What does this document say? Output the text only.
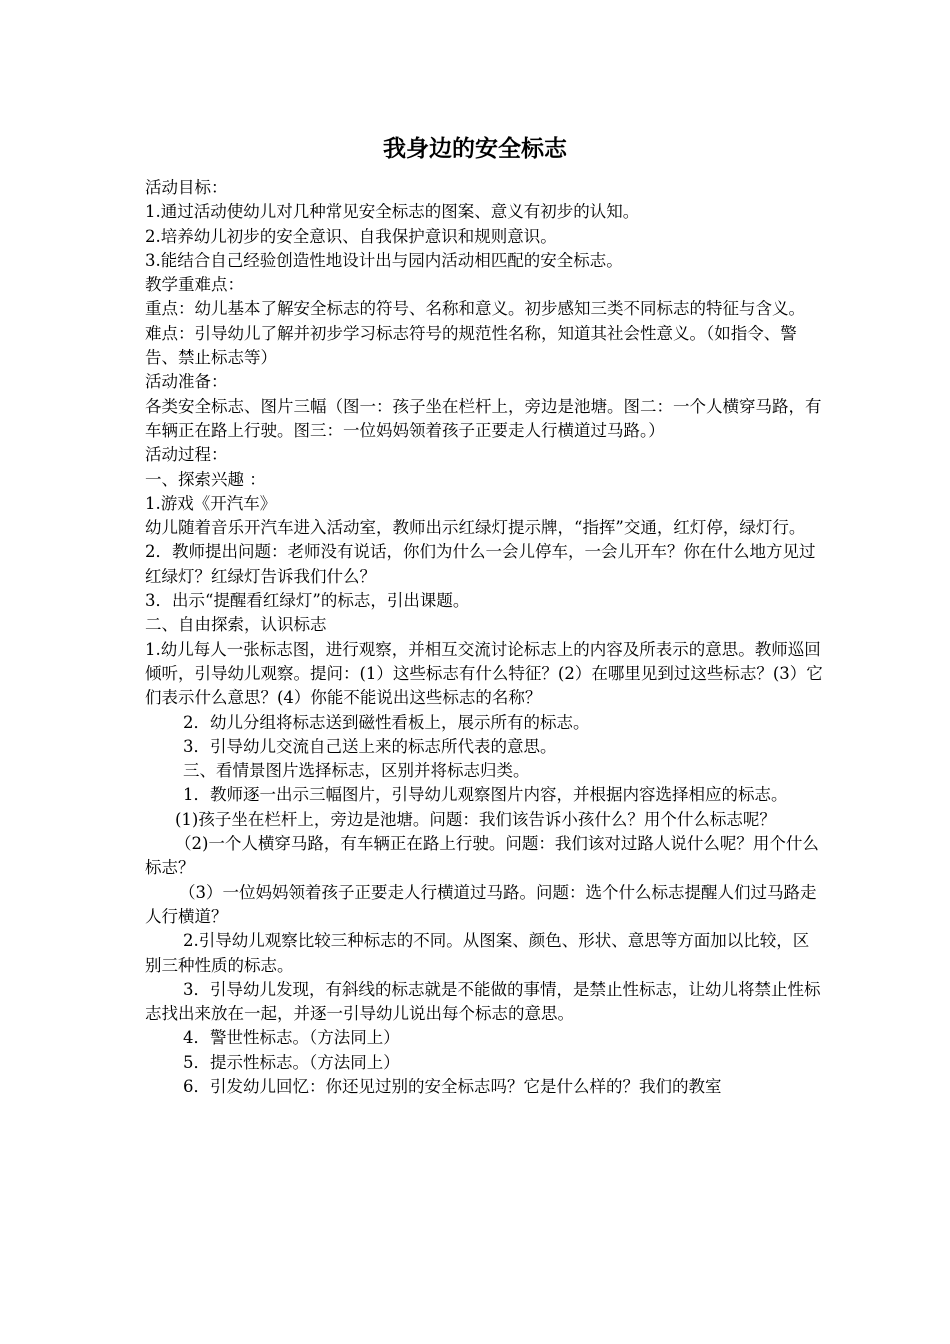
我身边的安全标志

活动目标：

1.通过活动使幼儿对几种常见安全标志的图案、意义有初步的认知。

2.培养幼儿初步的安全意识、自我保护意识和规则意识。

3.能结合自己经验创造性地设计出与园内活动相匹配的安全标志。

教学重难点：

重点：幼儿基本了解安全标志的符号、名称和意义。初步感知三类不同标志的特征与含义。

难点：引导幼儿了解并初步学习标志符号的规范性名称，知道其社会性意义。（如指令、警告、禁止标志等）

活动准备：

各类安全标志、图片三幅（图一：孩子坐在栏杆上，旁边是池塘。图二：一个人横穿马路，有车辆正在路上行驶。图三：一位妈妈领着孩子正要走人行横道过马路。）

活动过程：

一、探索兴趣 ：

1.游戏《开汽车》

幼儿随着音乐开汽车进入活动室，教师出示红绿灯提示牌，“指挥”交通，红灯停，绿灯行。

2．教师提出问题：老师没有说话，你们为什么一会儿停车，一会儿开车？你在什么地方见过红绿灯？红绿灯告诉我们什么？

3．出示“提醒看红绿灯”的标志，引出课题。

二、自由探索，认识标志

1.幼儿每人一张标志图，进行观察，并相互交流讨论标志上的内容及所表示的意思。教师巡回倾听，引导幼儿观察。提问：(1）这些标志有什么特征？(2）在哪里见到过这些标志？(3）它们表示什么意思？(4）你能不能说出这些标志的名称？

2．幼儿分组将标志送到磁性看板上，展示所有的标志。

3．引导幼儿交流自己送上来的标志所代表的意思。

三、看情景图片选择标志，区别并将标志归类。

1．教师逐一出示三幅图片，引导幼儿观察图片内容，并根据内容选择相应的标志。

(1)孩子坐在栏杆上，旁边是池塘。问题：我们该告诉小孩什么？用个什么标志呢？

（2)一个人横穿马路，有车辆正在路上行驶。问题：我们该对过路人说什么呢？用个什么标志？

（3）一位妈妈领着孩子正要走人行横道过马路。问题：选个什么标志提醒人们过马路走人行横道？

2.引导幼儿观察比较三种标志的不同。从图案、颜色、形状、意思等方面加以比较，区别三种性质的标志。

3．引导幼儿发现，有斜线的标志就是不能做的事情，是禁止性标志，让幼儿将禁止性标志找出来放在一起，并逐一引导幼儿说出每个标志的意思。

4．警世性标志。（方法同上）

5．提示性标志。（方法同上）

6．引发幼儿回忆：你还见过别的安全标志吗？它是什么样的？我们的教室
